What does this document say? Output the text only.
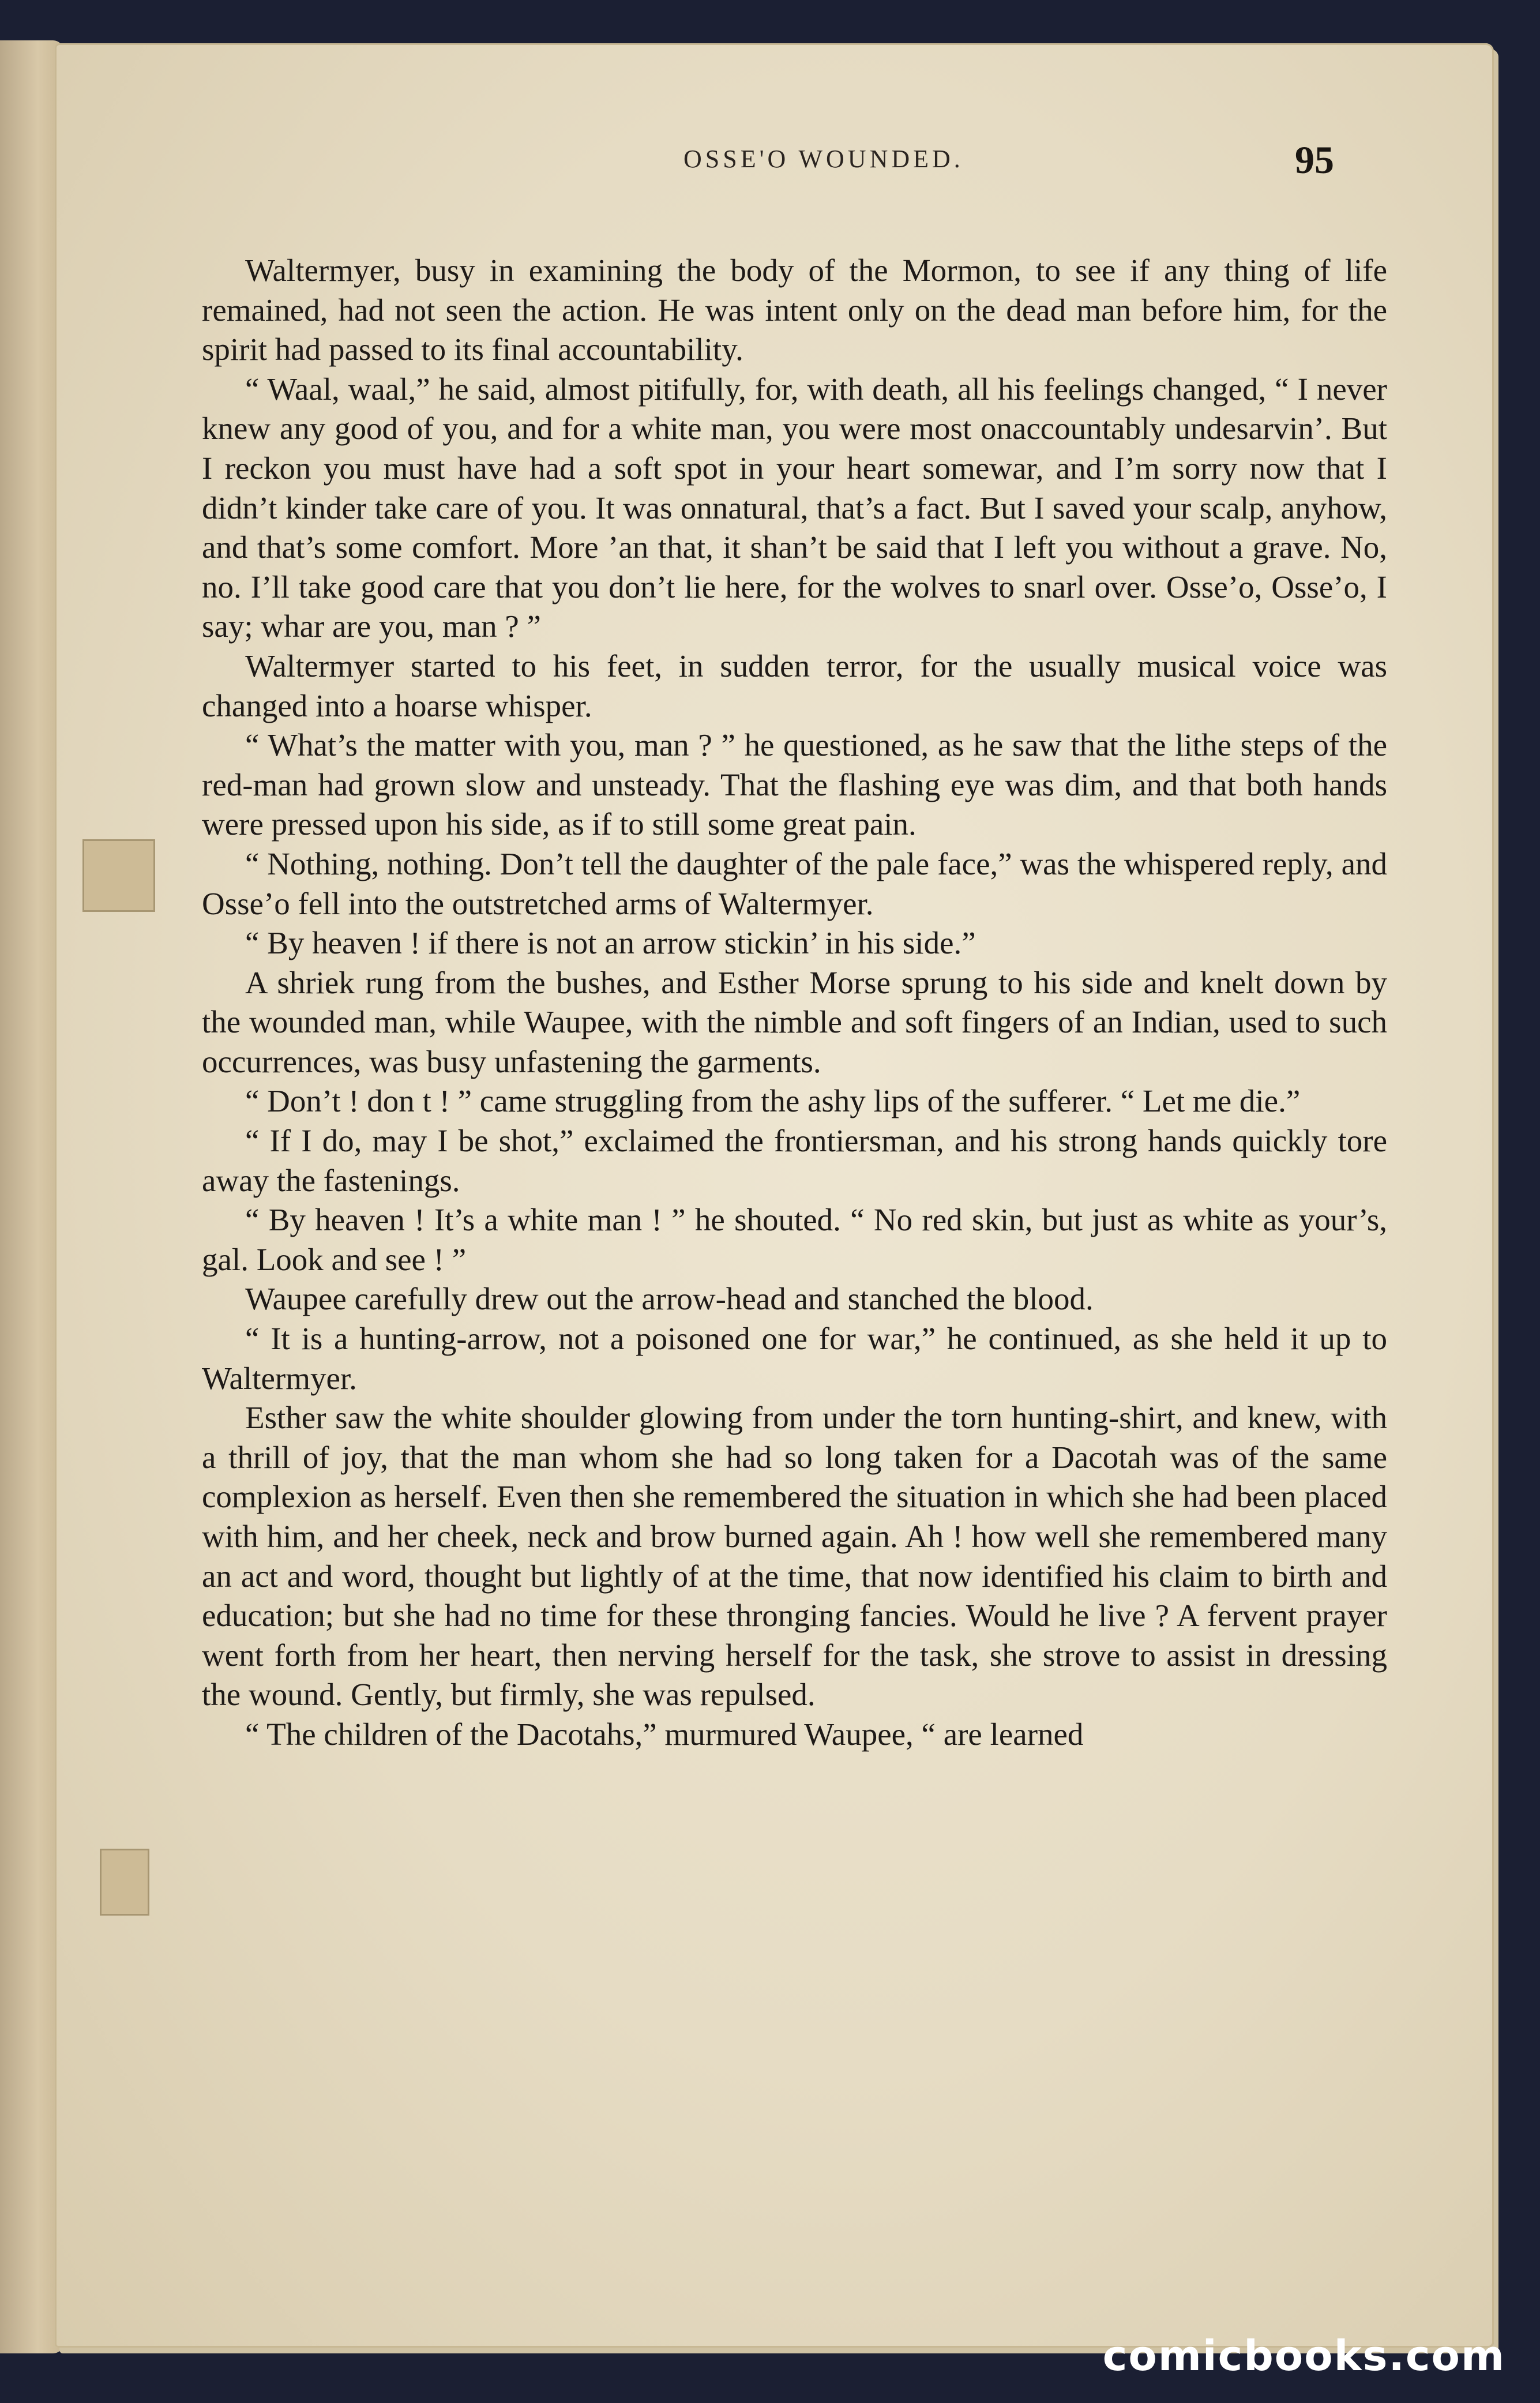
OSSE'O WOUNDED.	95

Waltermyer, busy in examining the body of the Mormon, to see if any thing of life remained, had not seen the action. He was intent only on the dead man before him, for the spirit had passed to its final accountability.

“ Waal, waal,” he said, almost pitifully, for, with death, all his feelings changed, “ I never knew any good of you, and for a white man, you were most onaccountably undesarvin’. But I reckon you must have had a soft spot in your heart somewar, and I’m sorry now that I didn’t kinder take care of you. It was onnatural, that’s a fact. But I saved your scalp, anyhow, and that’s some comfort. More ’an that, it shan’t be said that I left you without a grave. No, no. I’ll take good care that you don’t lie here, for the wolves to snarl over. Osse’o, Osse’o, I say; whar are you, man ? ”

Waltermyer started to his feet, in sudden terror, for the usually musical voice was changed into a hoarse whisper.

“ What’s the matter with you, man ? ” he questioned, as he saw that the lithe steps of the red-man had grown slow and unsteady. That the flashing eye was dim, and that both hands were pressed upon his side, as if to still some great pain.

“ Nothing, nothing. Don’t tell the daughter of the pale face,” was the whispered reply, and Osse’o fell into the outstretched arms of Waltermyer.

“ By heaven ! if there is not an arrow stickin’ in his side.”

A shriek rung from the bushes, and Esther Morse sprung to his side and knelt down by the wounded man, while Waupee, with the nimble and soft fingers of an Indian, used to such occurrences, was busy unfastening the garments.

“ Don’t ! don t ! ” came struggling from the ashy lips of the sufferer. “ Let me die.”

“ If I do, may I be shot,” exclaimed the frontiersman, and his strong hands quickly tore away the fastenings.

“ By heaven ! It’s a white man ! ” he shouted. “ No red skin, but just as white as your’s, gal. Look and see ! ”

Waupee carefully drew out the arrow-head and stanched the blood.

“ It is a hunting-arrow, not a poisoned one for war,” he continued, as she held it up to Waltermyer.

Esther saw the white shoulder glowing from under the torn hunting-shirt, and knew, with a thrill of joy, that the man whom she had so long taken for a Dacotah was of the same complexion as herself. Even then she remembered the situation in which she had been placed with him, and her cheek, neck and brow burned again. Ah ! how well she remembered many an act and word, thought but lightly of at the time, that now identified his claim to birth and education; but she had no time for these thronging fancies. Would he live ? A fervent prayer went forth from her heart, then nerving herself for the task, she strove to assist in dressing the wound. Gently, but firmly, she was repulsed.

“ The children of the Dacotahs,” murmured Waupee, “ are learned

comicbooks.com
